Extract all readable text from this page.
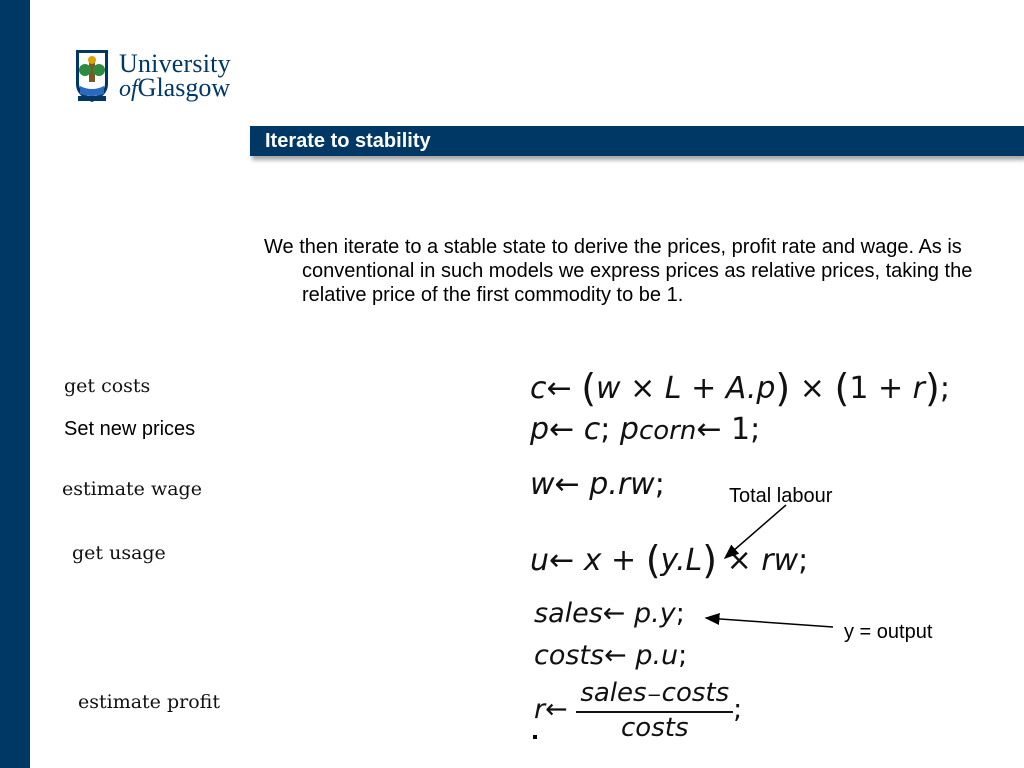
University
ofGlasgow
Iterate to stability

We then iterate to a stable state to derive the prices, profit rate and wage. As is conventional in such models we express prices as relative prices, taking the relative price of the first commodity to be 1.

get costs
Set new prices
estimate wage
get usage
estimate profit
c← (w × L + A.p) × (1 + r);
p← c; pcorn← 1;
w← p.rw;
u← x + (y.L) × rw;
sales← p.y;
costs← p.u;
r← $\frac{\text{sales−costs}}{\text{costs}}$ ;
Total labour
y = output
